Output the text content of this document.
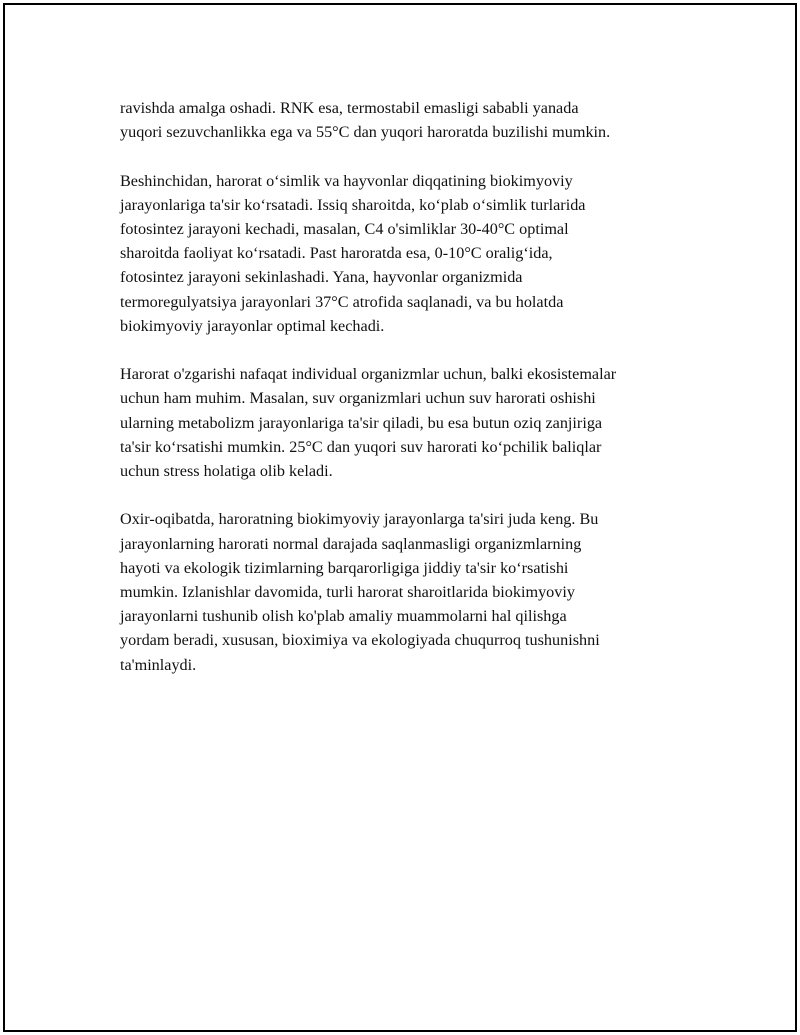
ravishda amalga oshadi. RNK esa, termostabil emasligi sababli yanada
yuqori sezuvchanlikka ega va 55°C dan yuqori haroratda buzilishi mumkin.

Beshinchidan, harorat o‘simlik va hayvonlar diqqatining biokimyoviy
jarayonlariga ta'sir ko‘rsatadi. Issiq sharoitda, ko‘plab o‘simlik turlarida
fotosintez jarayoni kechadi, masalan, C4 o'simliklar 30-40°C optimal
sharoitda faoliyat ko‘rsatadi. Past haroratda esa, 0-10°C oralig‘ida,
fotosintez jarayoni sekinlashadi. Yana, hayvonlar organizmida
termoregulyatsiya jarayonlari 37°C atrofida saqlanadi, va bu holatda
biokimyoviy jarayonlar optimal kechadi.

Harorat o'zgarishi nafaqat individual organizmlar uchun, balki ekosistemalar
uchun ham muhim. Masalan, suv organizmlari uchun suv harorati oshishi
ularning metabolizm jarayonlariga ta'sir qiladi, bu esa butun oziq zanjiriga
ta'sir ko‘rsatishi mumkin. 25°C dan yuqori suv harorati ko‘pchilik baliqlar
uchun stress holatiga olib keladi.

Oxir-oqibatda, haroratning biokimyoviy jarayonlarga ta'siri juda keng. Bu
jarayonlarning harorati normal darajada saqlanmasligi organizmlarning
hayoti va ekologik tizimlarning barqarorligiga jiddiy ta'sir ko‘rsatishi
mumkin. Izlanishlar davomida, turli harorat sharoitlarida biokimyoviy
jarayonlarni tushunib olish ko'plab amaliy muammolarni hal qilishga
yordam beradi, xususan, bioximiya va ekologiyada chuqurroq tushunishni
ta'minlaydi.
